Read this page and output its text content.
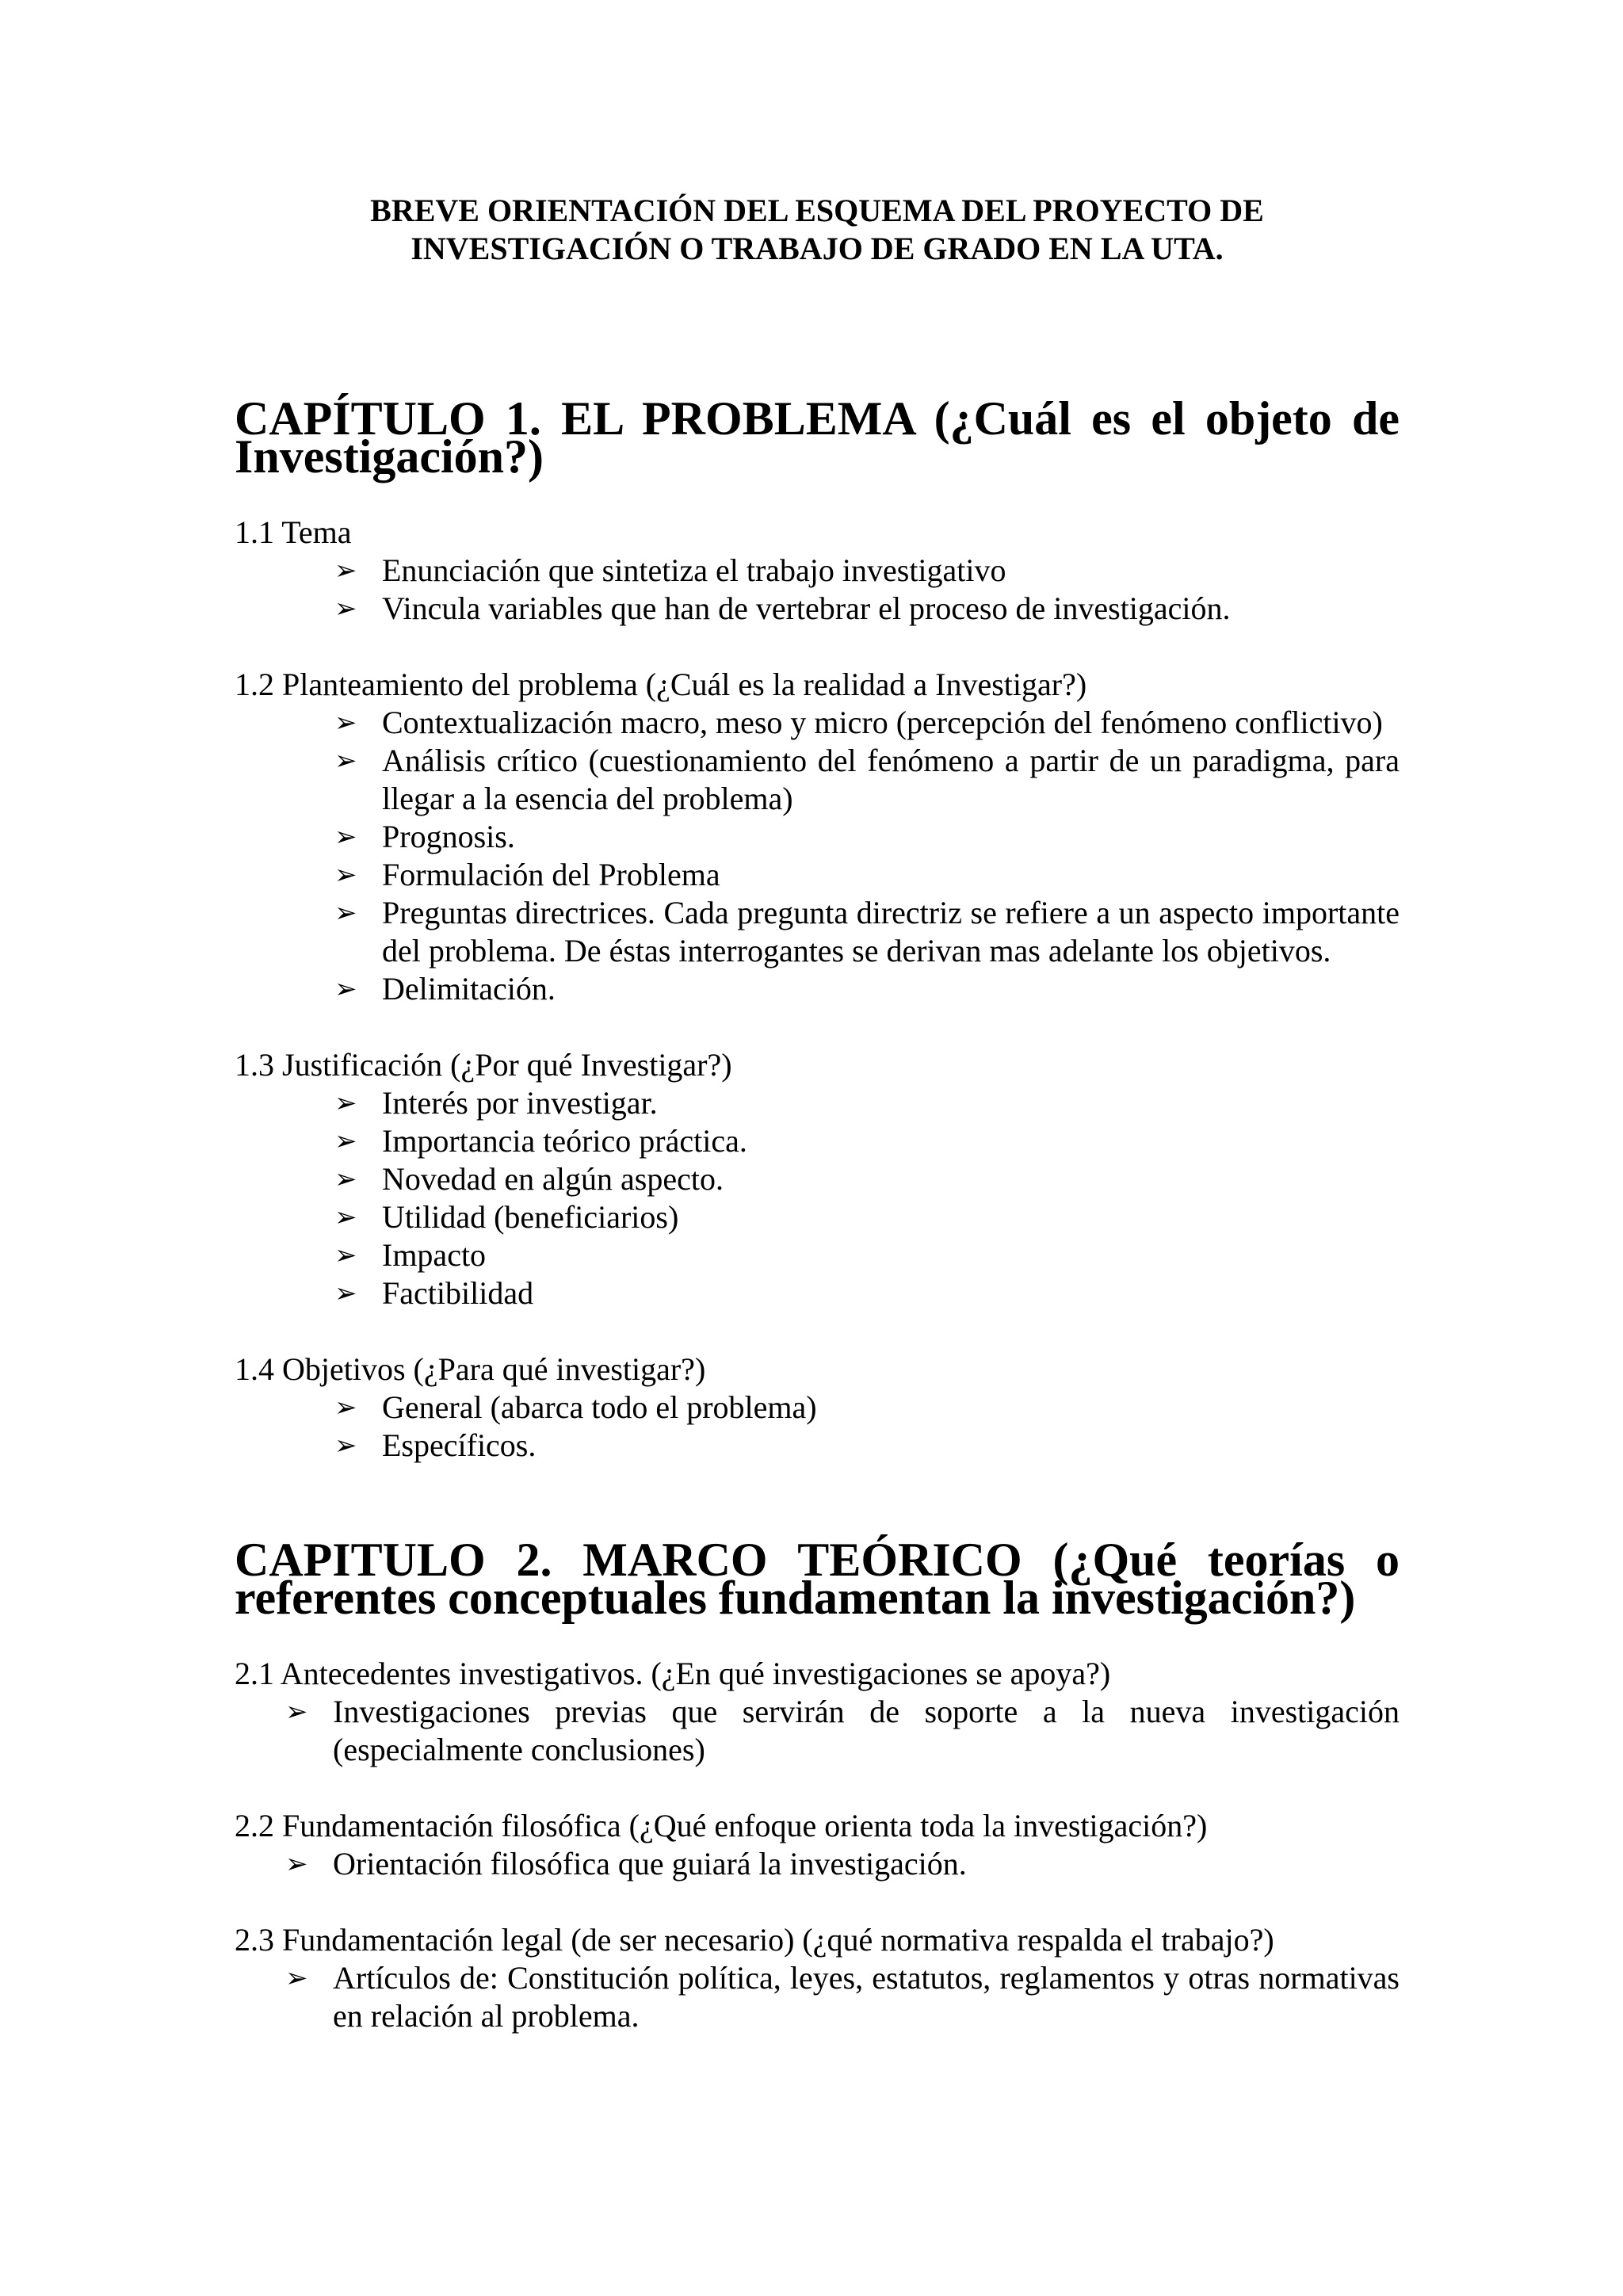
BREVE ORIENTACIÓN DEL ESQUEMA DEL PROYECTO DE
INVESTIGACIÓN O TRABAJO DE GRADO EN LA UTA.
CAPÍTULO 1. EL PROBLEMA (¿Cuál es el objeto de Investigación?)

1.1 Tema

➢ Enunciación que sintetiza el trabajo investigativo
➢ Vincula variables que han de vertebrar el proceso de investigación.

1.2 Planteamiento del problema (¿Cuál es la realidad a Investigar?)

➢ Contextualización macro, meso y micro (percepción del fenómeno conflictivo)
➢ Análisis crítico (cuestionamiento del fenómeno a partir de un paradigma, para llegar a la esencia del problema)
➢ Prognosis.
➢ Formulación del Problema
➢ Preguntas directrices. Cada pregunta directriz se refiere a un aspecto importante del problema. De éstas interrogantes se derivan mas adelante los objetivos.
➢ Delimitación.

1.3 Justificación (¿Por qué Investigar?)

➢ Interés por investigar.
➢ Importancia teórico práctica.
➢ Novedad en algún aspecto.
➢ Utilidad (beneficiarios)
➢ Impacto
➢ Factibilidad

1.4 Objetivos (¿Para qué investigar?)

➢ General (abarca todo el problema)
➢ Específicos.
CAPITULO 2. MARCO TEÓRICO (¿Qué teorías o referentes conceptuales fundamentan la investigación?)

2.1 Antecedentes investigativos. (¿En qué investigaciones se apoya?)

➢ Investigaciones previas que servirán de soporte a la nueva investigación (especialmente conclusiones)

2.2 Fundamentación filosófica (¿Qué enfoque orienta toda la investigación?)

➢ Orientación filosófica que guiará la investigación.

2.3 Fundamentación legal (de ser necesario) (¿qué normativa respalda el trabajo?)

➢ Artículos de: Constitución política, leyes, estatutos, reglamentos y otras normativas en relación al problema.
